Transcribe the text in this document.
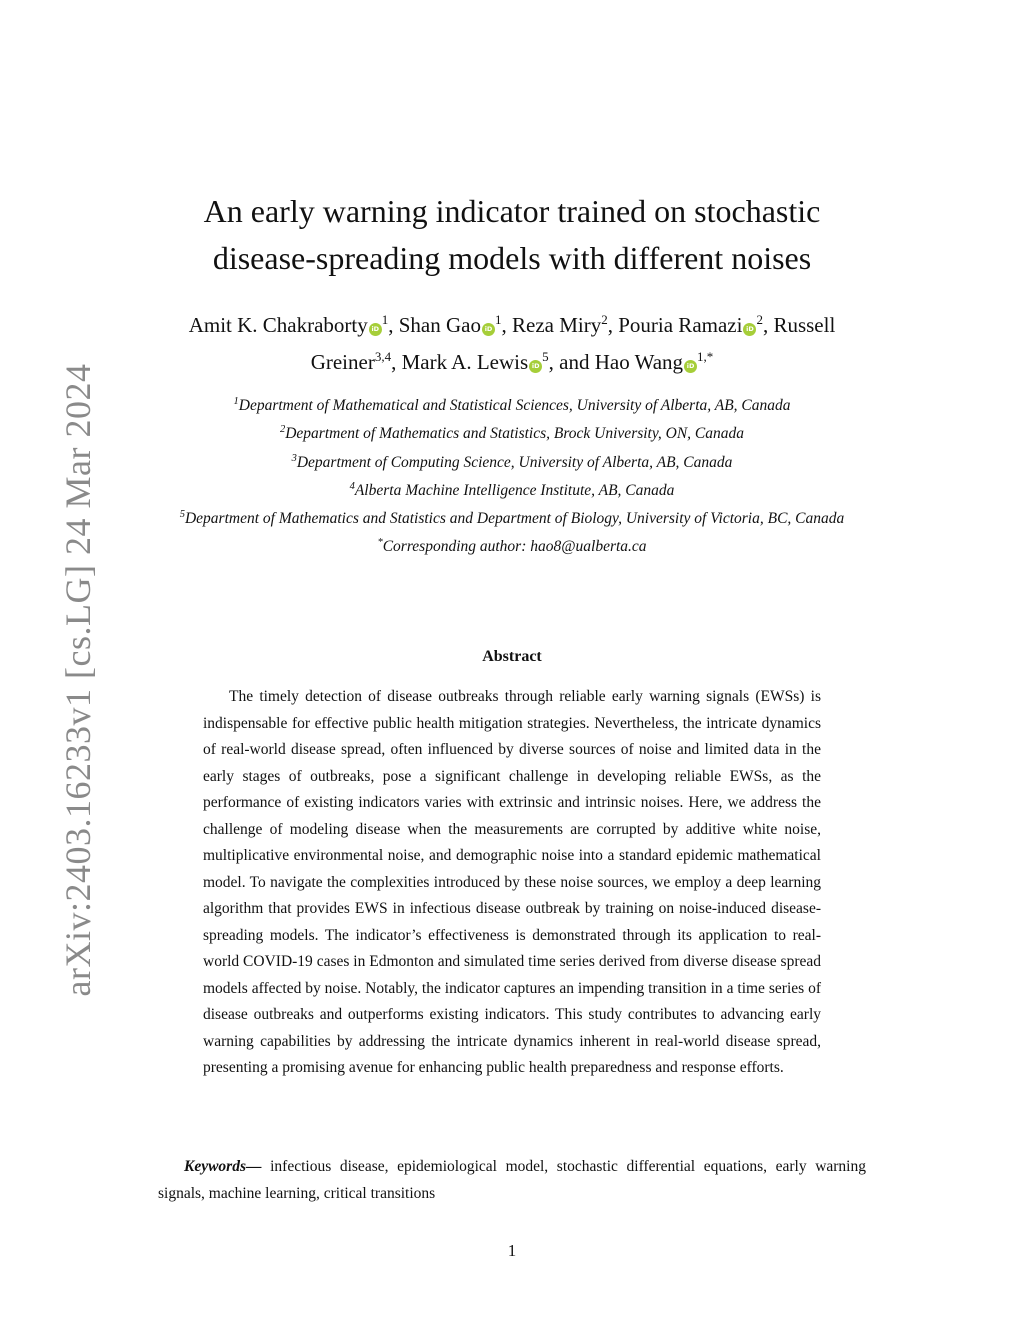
arXiv:2403.16233v1 [cs.LG] 24 Mar 2024
An early warning indicator trained on stochastic
disease-spreading models with different noises
Amit K. Chakraborty $iD^1$, Shan Gao $iD^1$, Reza Miry$^2$, Pouria Ramazi $iD^2$, Russell
Greiner$^{3,4}$, Mark A. Lewis $iD^5$, and Hao Wang $iD^{1,*}$
$^1$Department of Mathematical and Statistical Sciences, University of Alberta, AB, Canada
$^2$Department of Mathematics and Statistics, Brock University, ON, Canada
$^3$Department of Computing Science, University of Alberta, AB, Canada
$^4$Alberta Machine Intelligence Institute, AB, Canada
$^5$Department of Mathematics and Statistics and Department of Biology, University of Victoria, BC, Canada
*Corresponding author: hao8@ualberta.ca
Abstract

The timely detection of disease outbreaks through reliable early warning signals (EWSs) is indispensable for effective public health mitigation strategies. Nevertheless, the intricate dynamics of real-world disease spread, often influenced by diverse sources of noise and limited data in the early stages of outbreaks, pose a significant challenge in developing reliable EWSs, as the performance of existing indicators varies with extrinsic and intrinsic noises. Here, we address the challenge of modeling disease when the measurements are corrupted by additive white noise, multiplicative environmental noise, and demographic noise into a standard epidemic mathematical model. To navigate the complexities introduced by these noise sources, we employ a deep learning algorithm that provides EWS in infectious disease outbreak by training on noise-induced disease-spreading models. The indicator’s effectiveness is demonstrated through its application to real-world COVID-19 cases in Edmonton and simulated time series derived from diverse disease spread models affected by noise. Notably, the indicator captures an impending transition in a time series of disease outbreaks and outperforms existing indicators. This study contributes to advancing early warning capabilities by addressing the intricate dynamics inherent in real-world disease spread, presenting a promising avenue for enhancing public health preparedness and response efforts.

Keywords— infectious disease, epidemiological model, stochastic differential equations, early warning signals, machine learning, critical transitions

1
